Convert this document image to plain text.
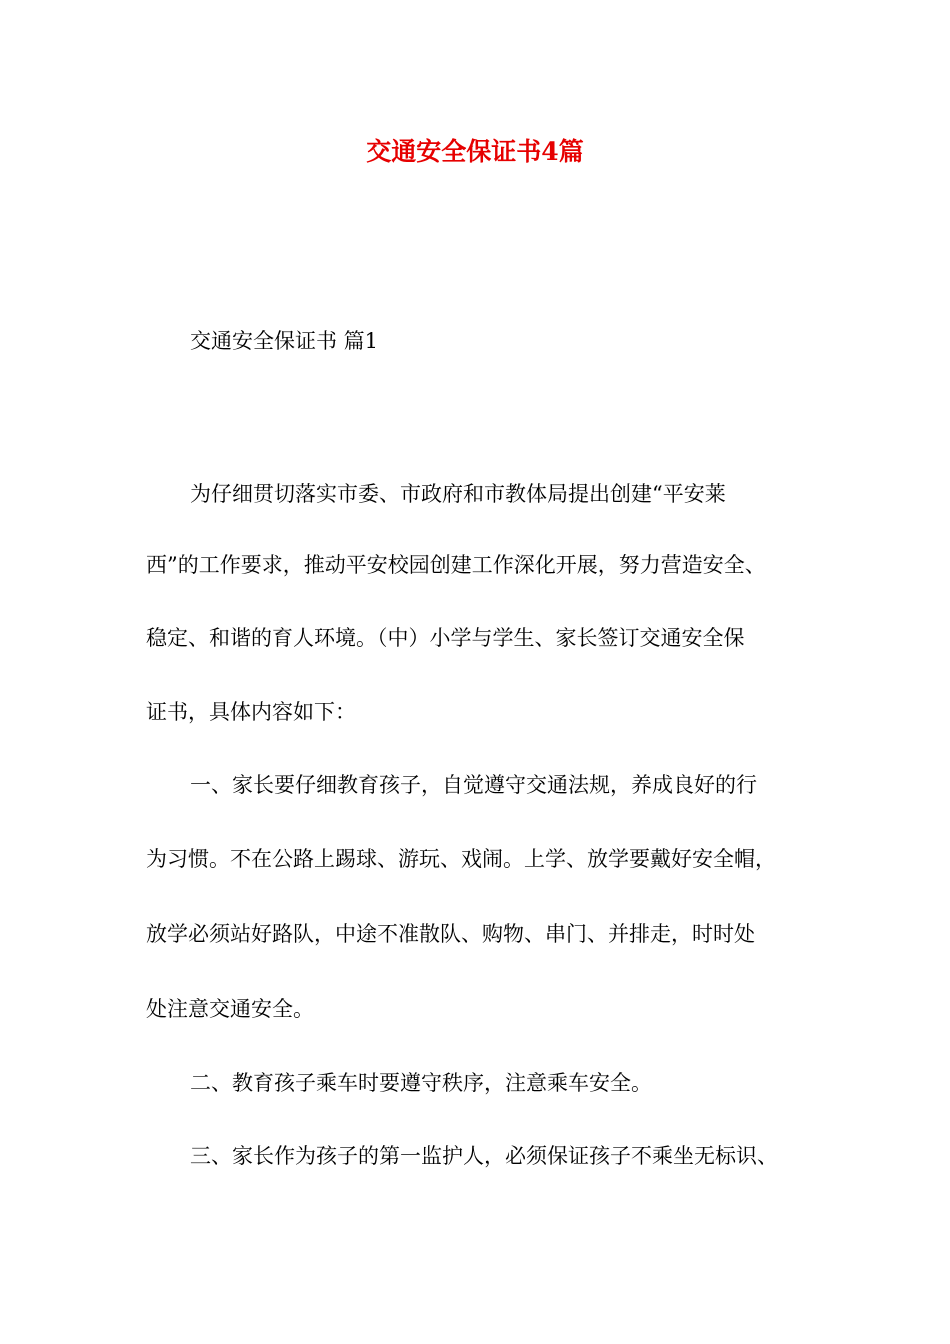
交通安全保证书4篇
交通安全保证书 篇1
为仔细贯切落实市委、市政府和市教体局提出创建“平安莱
西”的工作要求，推动平安校园创建工作深化开展，努力营造安全、
稳定、和谐的育人环境。（中）小学与学生、家长签订交通安全保
证书，具体内容如下：
一、家长要仔细教育孩子，自觉遵守交通法规，养成良好的行
为习惯。不在公路上踢球、游玩、戏闹。上学、放学要戴好安全帽，
放学必须站好路队，中途不准散队、购物、串门、并排走，时时处
处注意交通安全。
二、教育孩子乘车时要遵守秩序，注意乘车安全。
三、家长作为孩子的第一监护人，必须保证孩子不乘坐无标识、
